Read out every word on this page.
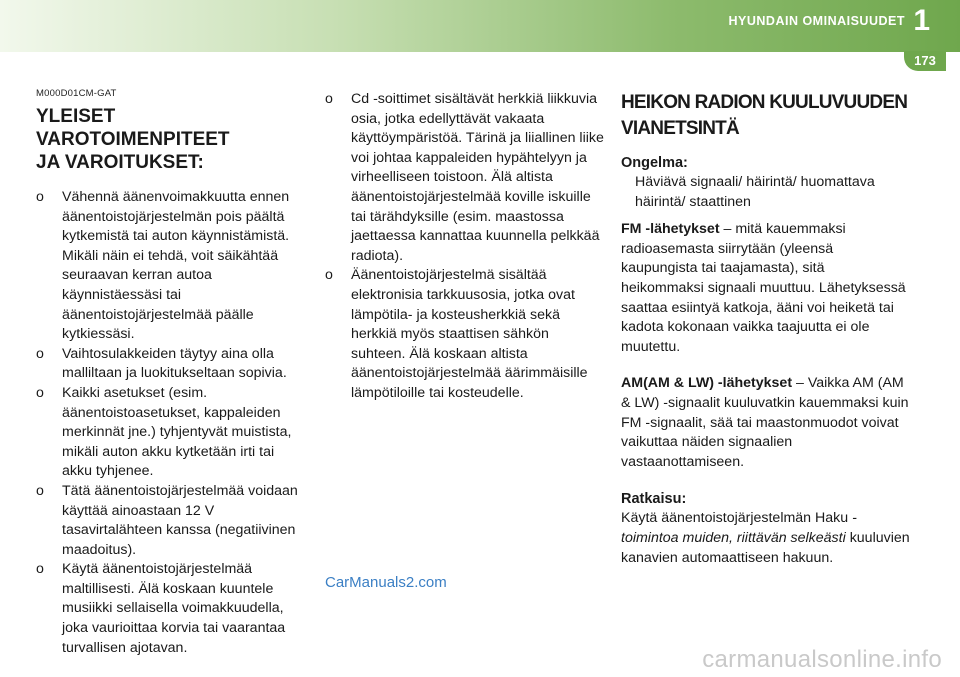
HYUNDAIN OMINAISUUDET 1
173
M000D01CM-GAT
YLEISET VAROTOIMENPITEET
JA VAROITUKSET:
o Vähennä äänenvoimakkuutta ennen äänentoistojärjestelmän pois päältä kytkemistä tai auton käynnistämistä. Mikäli näin ei tehdä, voit säikähtää seuraavan kerran autoa käynnistäessäsi tai äänentoistojärjestelmää päälle kytkiessäsi.
o Vaihtosulakkeiden täytyy aina olla malliltaan ja luokitukseltaan sopivia.
o Kaikki asetukset (esim. äänentoistoasetukset, kappaleiden merkinnät jne.) tyhjentyvät muistista, mikäli auton akku kytketään irti tai akku tyhjenee.
o Tätä äänentoistojärjestelmää voidaan käyttää ainoastaan 12 V tasavirtalähteen kanssa (negatiivinen maadoitus).
o Käytä äänentoistojärjestelmää maltillisesti. Älä koskaan kuuntele musiikki sellaisella voimakkuudella, joka vaurioittaa korvia tai vaarantaa turvallisen ajotavan.
o Cd -soittimet sisältävät herkkiä liikkuvia osia, jotka edellyttävät vakaata käyttöympäristöä. Tärinä ja liiallinen liike voi johtaa kappaleiden hypähtelyyn ja virheelliseen toistoon. Älä altista äänentoistojärjestelmää koville iskuille tai tärähdyksille (esim. maastossa jaettaessa kannattaa kuunnella pelkkää radiota).
o Äänentoistojärjestelmä sisältää elektronisia tarkkuusosia, jotka ovat lämpötila- ja kosteusherkkiä sekä herkkiä myös staattisen sähkön suhteen. Älä koskaan altista äänentoistojärjestelmää äärimmäisille lämpötiloille tai kosteudelle.
HEIKON RADION KUULUVUUDEN
VIANETSINTÄ
Ongelma:
Häviävä signaali/ häirintä/ huomattava häirintä/ staattinen
FM -lähetykset – mitä kauemmaksi radioasemasta siirrytään (yleensä kaupungista tai taajamasta), sitä heikommaksi signaali muuttuu. Lähetyksessä saattaa esiintyä katkoja, ääni voi heiketä tai kadota kokonaan vaikka taajuutta ei ole muutettu.
AM(AM & LW) -lähetykset – Vaikka AM (AM & LW) -signaalit kuuluvatkin kauemmaksi kuin FM -signaalit, sää tai maastonmuodot voivat vaikuttaa näiden signaalien vastaanottamiseen.
Ratkaisu:
Käytä äänentoistojärjestelmän Haku -toimintoa muiden, riittävän selkeästi kuuluvien kanavien automaattiseen hakuun.
CarManuals2.com
carmanualsonline.info
